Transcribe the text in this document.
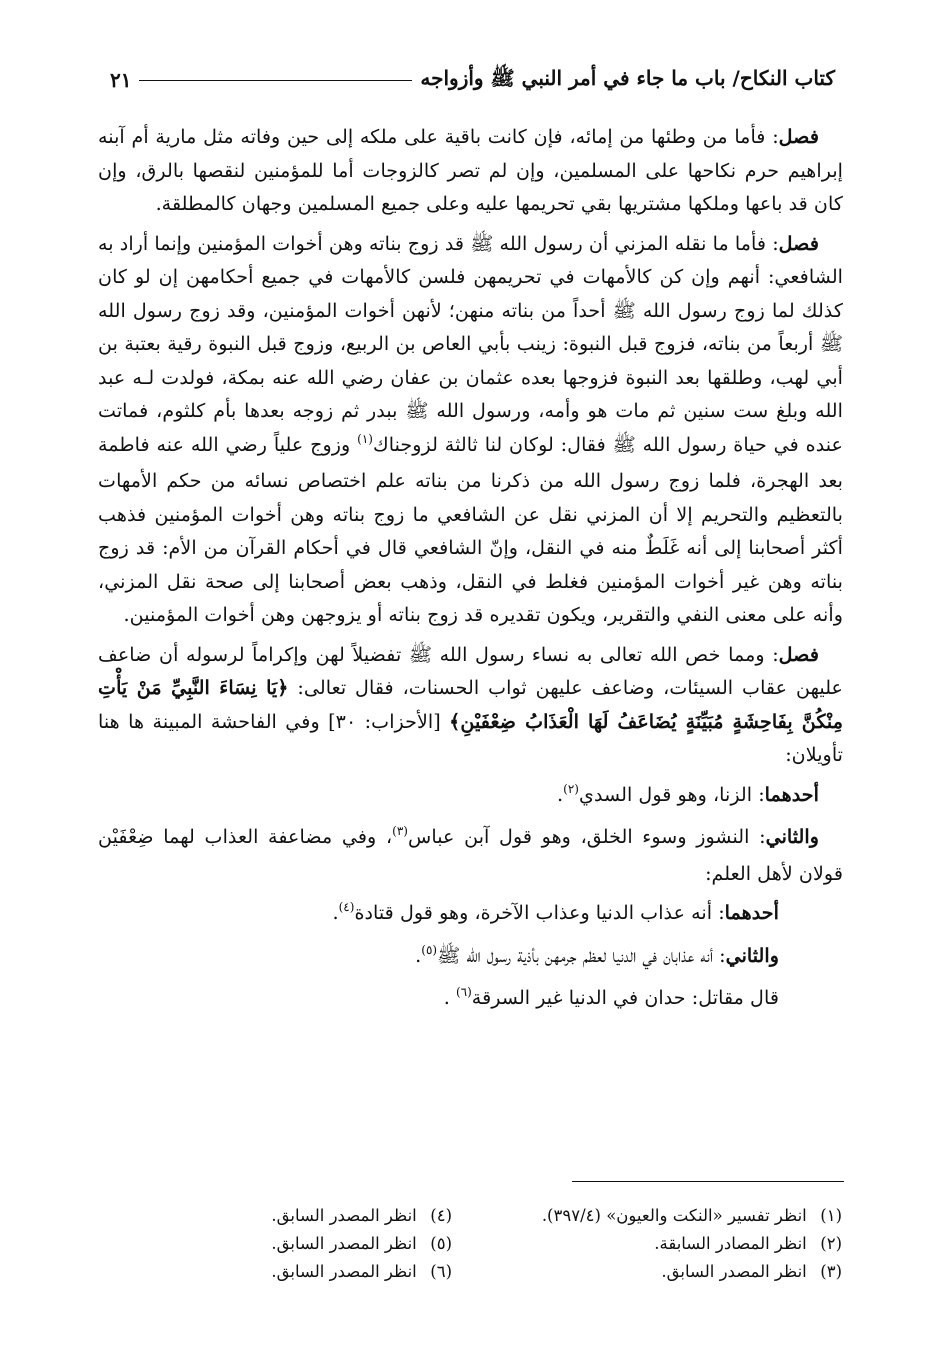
كتاب النكاح/ باب ما جاء في أمر النبي ﷺ وأزواجه
٢١

فصل: فأما من وطئها من إمائه، فإن كانت باقية على ملكه إلى حين وفاته مثل مارية أم آبنه إبراهيم حرم نكاحها على المسلمين، وإن لم تصر كالزوجات أما للمؤمنين لنقصها بالرق، وإن كان قد باعها وملكها مشتريها بقي تحريمها عليه وعلى جميع المسلمين وجهان كالمطلقة.

فصل: فأما ما نقله المزني أن رسول الله ﷺ قد زوج بناته وهن أخوات المؤمنين وإنما أراد به الشافعي: أنهم وإن كن كالأمهات في تحريمهن فلسن كالأمهات في جميع أحكامهن إن لو كان كذلك لما زوج رسول الله ﷺ أحداً من بناته منهن؛ لأنهن أخوات المؤمنين، وقد زوج رسول الله ﷺ أربعاً من بناته، فزوج قبل النبوة: زينب بأبي العاص بن الربيع، وزوج قبل النبوة رقية بعتبة بن أبي لهب، وطلقها بعد النبوة فزوجها بعده عثمان بن عفان رضي الله عنه بمكة، فولدت لـه عبد الله وبلغ ست سنين ثم مات هو وأمه، ورسول الله ﷺ ببدر ثم زوجه بعدها بأم كلثوم، فماتت عنده في حياة رسول الله ﷺ فقال: لوكان لنا ثالثة لزوجناك$^{(١)}$ وزوج علياً رضي الله عنه فاطمة بعد الهجرة، فلما زوج رسول الله من ذكرنا من بناته علم اختصاص نسائه من حكم الأمهات بالتعظيم والتحريم إلا أن المزني نقل عن الشافعي ما زوج بناته وهن أخوات المؤمنين فذهب أكثر أصحابنا إلى أنه غَلَطٌ منه في النقل، وإنّ الشافعي قال في أحكام القرآن من الأم: قد زوج بناته وهن غير أخوات المؤمنين فغلط في النقل، وذهب بعض أصحابنا إلى صحة نقل المزني، وأنه على معنى النفي والتقرير، ويكون تقديره قد زوج بناته أو يزوجهن وهن أخوات المؤمنين.

فصل: ومما خص الله تعالى به نساء رسول الله ﷺ تفضيلاً لهن وإكراماً لرسوله أن ضاعف عليهن عقاب السيئات، وضاعف عليهن ثواب الحسنات، فقال تعالى: ﴿يَا نِسَاءَ النَّبِيِّ مَنْ يَأْتِ مِنْكُنَّ بِفَاحِشَةٍ مُبَيِّنَةٍ يُضَاعَفُ لَهَا الْعَذَابُ ضِعْفَيْنِ﴾ [الأحزاب: ٣٠] وفي الفاحشة المبينة ها هنا تأويلان:

أحدهما: الزنا، وهو قول السدي$^{(٢)}$.

والثاني: النشوز وسوء الخلق، وهو قول آبن عباس$^{(٣)}$، وفي مضاعفة العذاب لهما ضِعْفَيْن قولان لأهل العلم:

أحدهما: أنه عذاب الدنيا وعذاب الآخرة، وهو قول قتادة$^{(٤)}$.

والثاني: أنه عذابان في الدنيا لعظم جرمهن بأذية رسول الله ﷺ$^{(٥)}$.

قال مقاتل: حدان في الدنيا غير السرقة$^{(٦)}$ .

(١) انظر تفسير «النكت والعيون» (٣٩٧/٤).
(٢) انظر المصادر السابقة.
(٣) انظر المصدر السابق.
(٤) انظر المصدر السابق.
(٥) انظر المصدر السابق.
(٦) انظر المصدر السابق.
